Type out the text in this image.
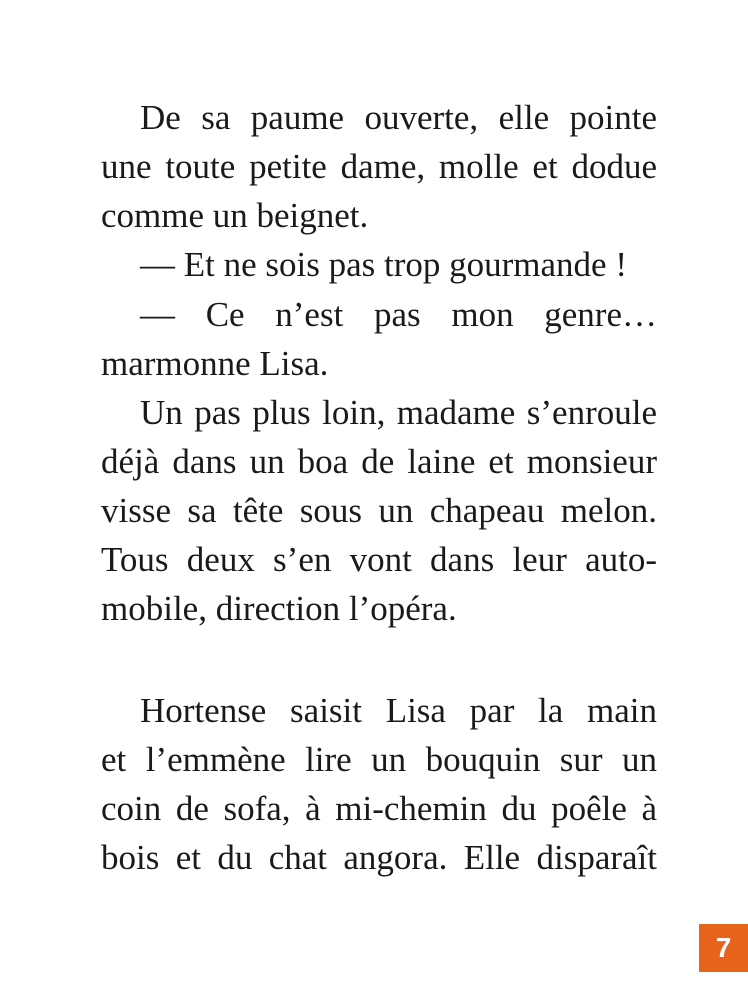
De sa paume ouverte, elle pointe
une toute petite dame, molle et dodue
comme un beignet.
— Et ne sois pas trop gourmande !
— Ce n’est pas mon genre…
marmonne Lisa.
Un pas plus loin, madame s’enroule
déjà dans un boa de laine et monsieur
visse sa tête sous un chapeau melon.
Tous deux s’en vont dans leur auto-
mobile, direction l’opéra.
Hortense saisit Lisa par la main
et l’emmène lire un bouquin sur un
coin de sofa, à mi-chemin du poêle à
bois et du chat angora. Elle disparaît
7
